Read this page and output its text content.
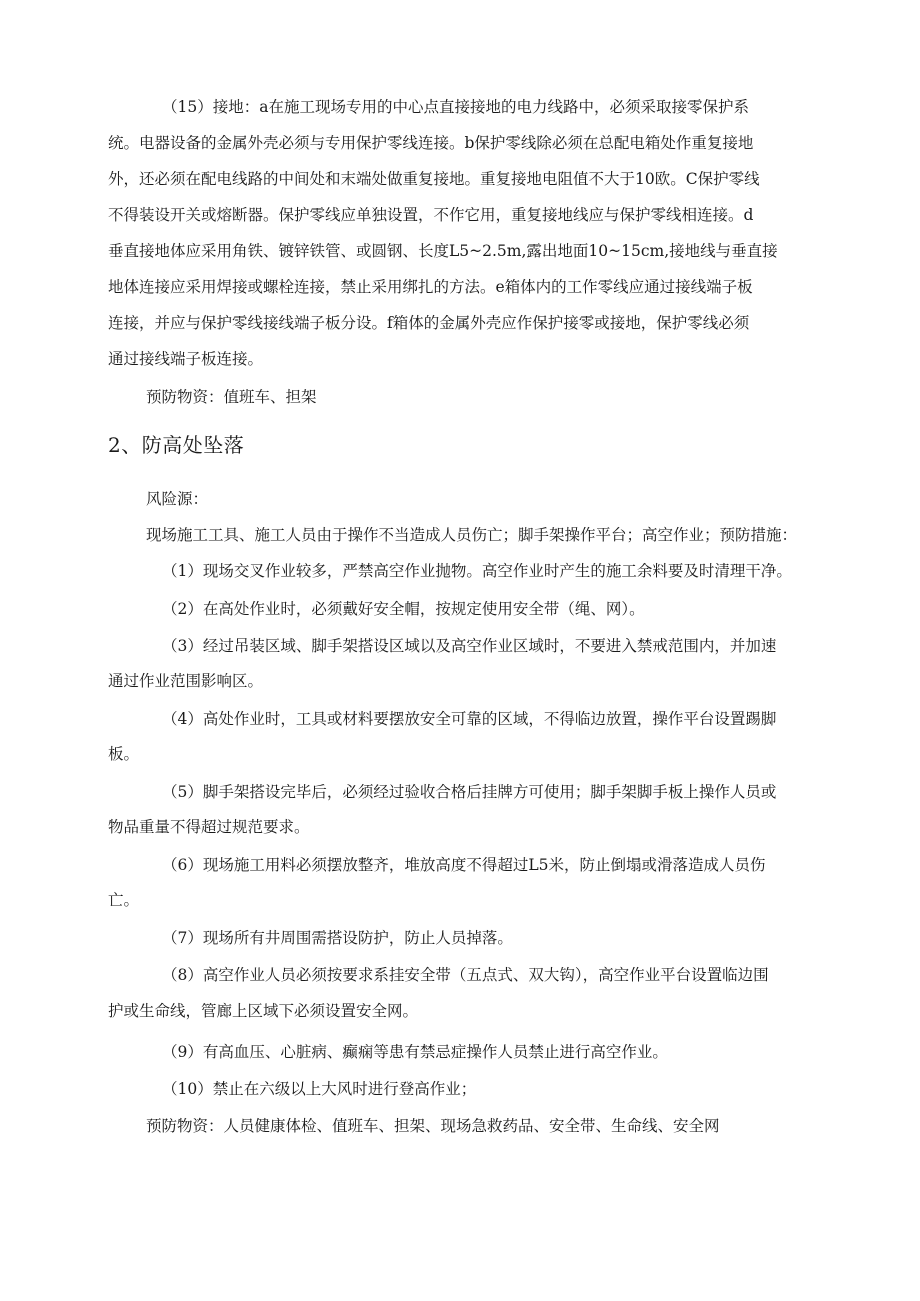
（15）接地：a在施工现场专用的中心点直接接地的电力线路中，必须采取接零保护系
统。电器设备的金属外壳必须与专用保护零线连接。b保护零线除必须在总配电箱处作重复接地
外，还必须在配电线路的中间处和末端处做重复接地。重复接地电阻值不大于10欧。C保护零线
不得装设开关或熔断器。保护零线应单独设置，不作它用，重复接地线应与保护零线相连接。d
垂直接地体应采用角铁、镀锌铁管、或圆钢、长度L5~2.5m,露出地面10~15cm,接地线与垂直接
地体连接应采用焊接或螺栓连接，禁止采用绑扎的方法。e箱体内的工作零线应通过接线端子板
连接，并应与保护零线接线端子板分设。f箱体的金属外壳应作保护接零或接地，保护零线必须
通过接线端子板连接。
预防物资：值班车、担架
2、防高处坠落
风险源：
现场施工工具、施工人员由于操作不当造成人员伤亡；脚手架操作平台；高空作业；预防措施：
（1）现场交叉作业较多，严禁高空作业抛物。高空作业时产生的施工余料要及时清理干净。
（2）在高处作业时，必须戴好安全帽，按规定使用安全带（绳、网）。
（3）经过吊装区域、脚手架搭设区域以及高空作业区域时，不要进入禁戒范围内，并加速
通过作业范围影响区。
（4）高处作业时，工具或材料要摆放安全可靠的区域，不得临边放置，操作平台设置踢脚
板。
（5）脚手架搭设完毕后，必须经过验收合格后挂牌方可使用；脚手架脚手板上操作人员或
物品重量不得超过规范要求。
（6）现场施工用料必须摆放整齐，堆放高度不得超过L5米，防止倒塌或滑落造成人员伤
亡。
（7）现场所有井周围需搭设防护，防止人员掉落。
（8）高空作业人员必须按要求系挂安全带（五点式、双大钩），高空作业平台设置临边围
护或生命线，管廊上区域下必须设置安全网。
（9）有高血压、心脏病、癫痫等患有禁忌症操作人员禁止进行高空作业。
（10）禁止在六级以上大风时进行登高作业；
预防物资：人员健康体检、值班车、担架、现场急救药品、安全带、生命线、安全网
